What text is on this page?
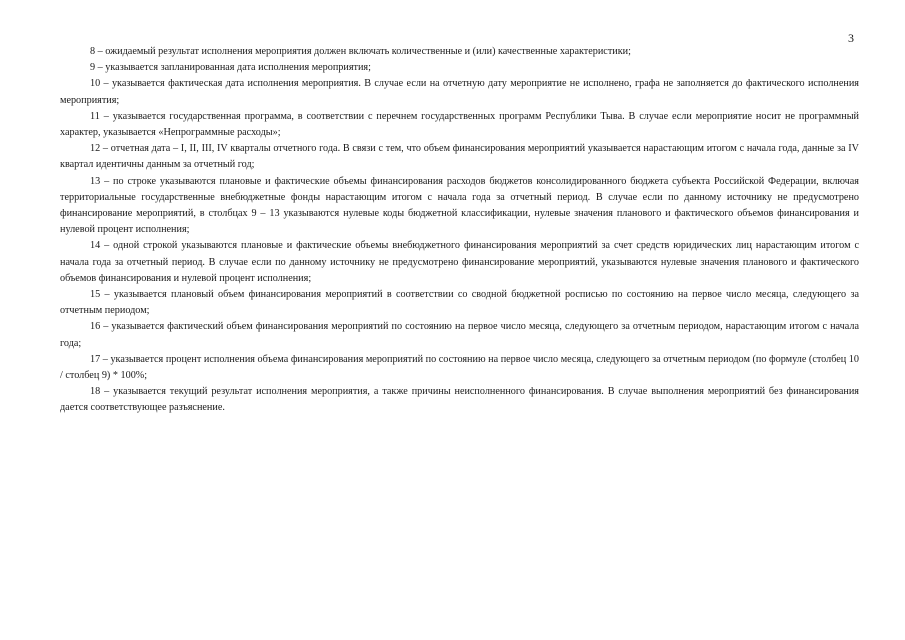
3

8 – ожидаемый результат исполнения мероприятия должен включать количественные и (или) качественные характеристики;

9 – указывается запланированная дата исполнения мероприятия;

10 – указывается фактическая дата исполнения мероприятия. В случае если на отчетную дату мероприятие не исполнено, графа не заполняется до фактического исполнения мероприятия;

11 – указывается государственная программа, в соответствии с перечнем государственных программ Республики Тыва. В случае если мероприятие носит не программный характер, указывается «Непрограммные расходы»;

12 – отчетная дата – I, II, III, IV кварталы отчетного года. В связи с тем, что объем финансирования мероприятий указывается нарастающим итогом с начала года, данные за IV квартал идентичны данным за отчетный год;

13 – по строке указываются плановые и фактические объемы финансирования расходов бюджетов консолидированного бюджета субъекта Российской Федерации, включая территориальные государственные внебюджетные фонды нарастающим итогом с начала года за отчетный период. В случае если по данному источнику не предусмотрено финансирование мероприятий, в столбцах 9 – 13 указываются нулевые коды бюджетной классификации, нулевые значения планового и фактического объемов финансирования и нулевой процент исполнения;

14 – одной строкой указываются плановые и фактические объемы внебюджетного финансирования мероприятий за счет средств юридических лиц нарастающим итогом с начала года за отчетный период. В случае если по данному источнику не предусмотрено финансирование мероприятий, указываются нулевые значения планового и фактического объемов финансирования и нулевой процент исполнения;

15 – указывается плановый объем финансирования мероприятий в соответствии со сводной бюджетной росписью по состоянию на первое число месяца, следующего за отчетным периодом;

16 – указывается фактический объем финансирования мероприятий по состоянию на первое число месяца, следующего за отчетным периодом, нарастающим итогом с начала года;

17 – указывается процент исполнения объема финансирования мероприятий по состоянию на первое число месяца, следующего за отчетным периодом (по формуле (столбец 10 / столбец 9) * 100%;

18 – указывается текущий результат исполнения мероприятия, а также причины неисполненного финансирования. В случае выполнения мероприятий без финансирования дается соответствующее разъяснение.
